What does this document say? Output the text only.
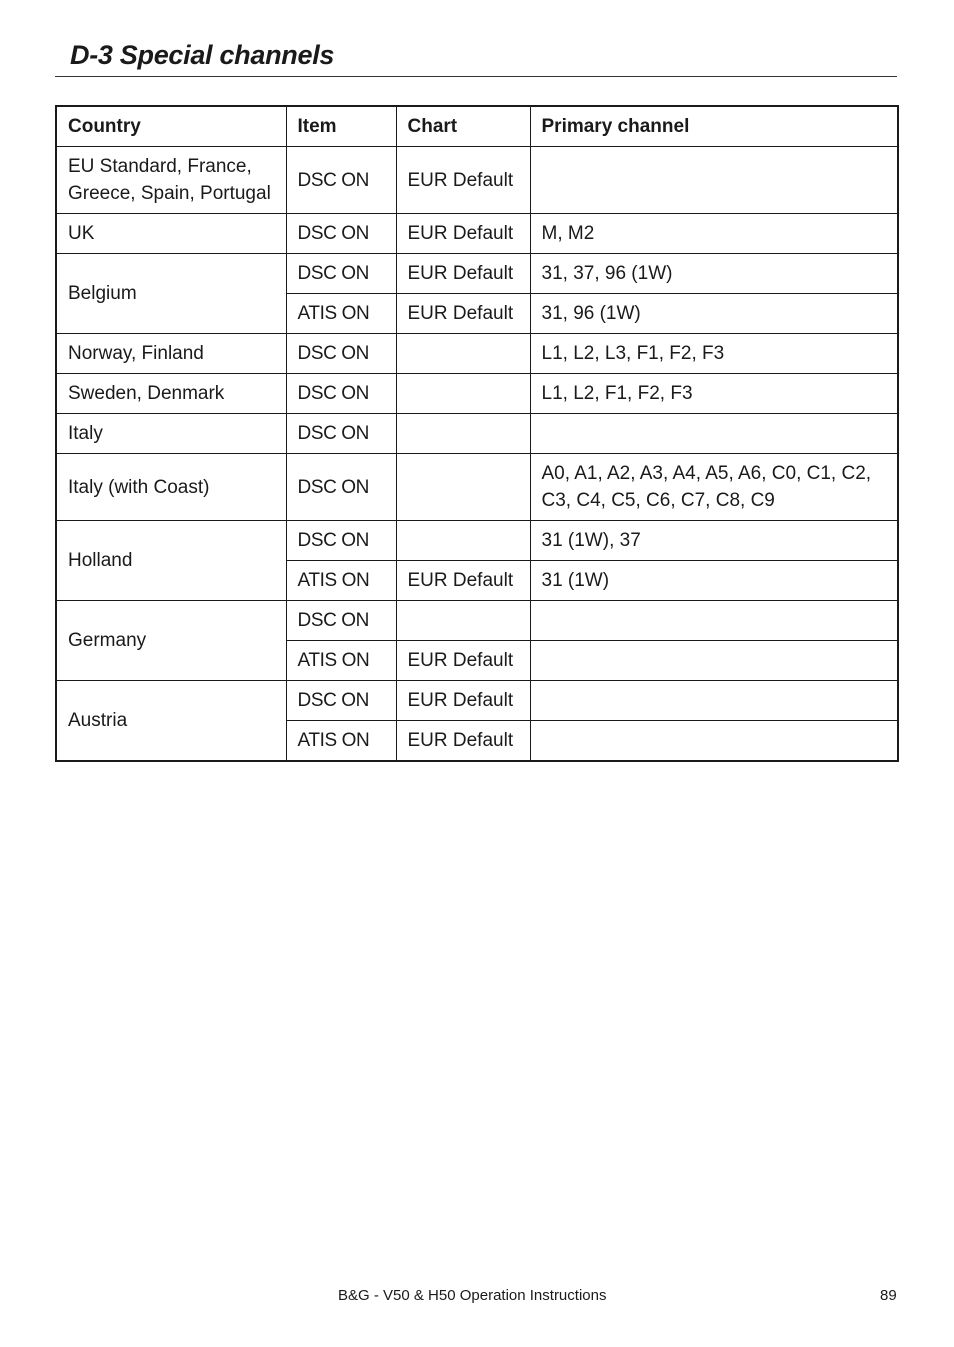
D-3 Special channels
Country	Item	Chart	Primary channel
EU Standard, France, Greece, Spain, Portugal	DSC ON	EUR Default	
UK	DSC ON	EUR Default	M, M2
Belgium	DSC ON	EUR Default	31, 37, 96 (1W)
	ATIS ON	EUR Default	31, 96 (1W)
Norway, Finland	DSC ON		L1, L2, L3, F1, F2, F3
Sweden, Denmark	DSC ON		L1, L2, F1, F2, F3
Italy	DSC ON		
Italy (with Coast)	DSC ON		A0, A1, A2, A3, A4, A5, A6, C0, C1, C2, C3, C4, C5, C6, C7, C8, C9
Holland	DSC ON		31 (1W), 37
	ATIS ON	EUR Default	31 (1W)
Germany	DSC ON		
	ATIS ON	EUR Default	
Austria	DSC ON	EUR Default	
	ATIS ON	EUR Default	
B&G - V50 & H50 Operation Instructions	89
